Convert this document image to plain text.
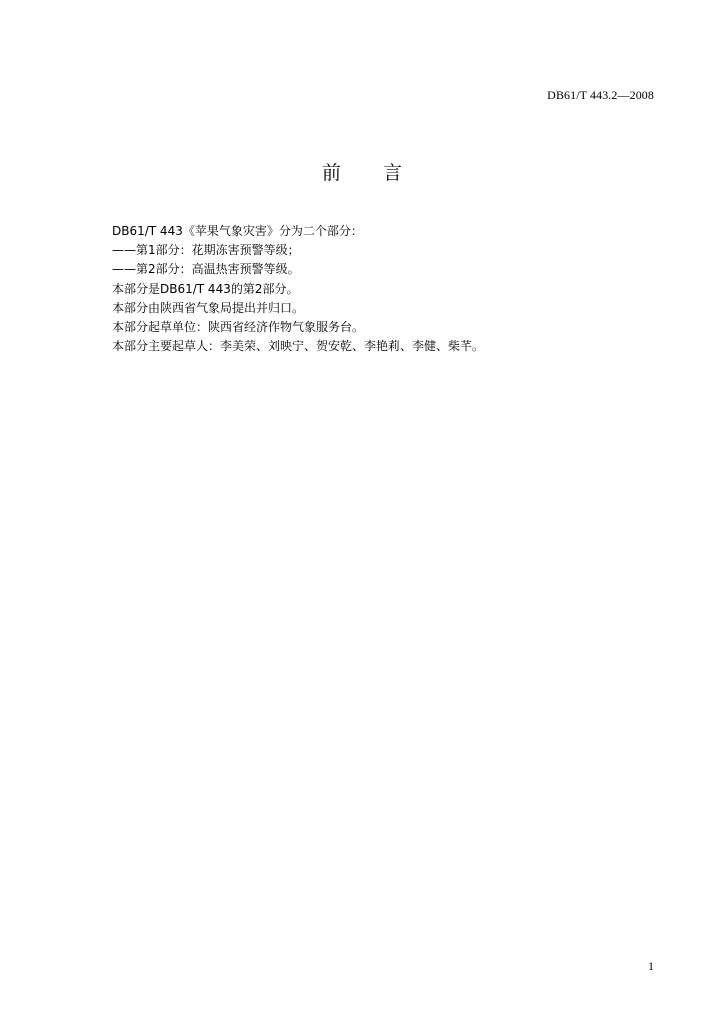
DB61/T 443.2—2008
前 言
DB61/T 443《苹果气象灾害》分为二个部分：
——第1部分：花期冻害预警等级；
——第2部分：高温热害预警等级。
本部分是DB61/T 443的第2部分。
本部分由陕西省气象局提出并归口。
本部分起草单位：陕西省经济作物气象服务台。
本部分主要起草人：李美荣、刘映宁、贺安乾、李艳莉、李健、柴芊。
1
